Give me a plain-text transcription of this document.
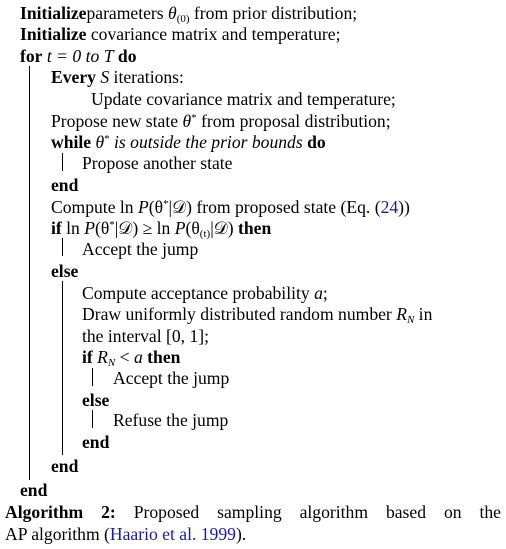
Initializeparameters $\theta_{(0)}$ from prior distribution;
Initialize covariance matrix and temperature;
for t = 0 to T do
Every S iterations:
Update covariance matrix and temperature;
Propose new state θ* from proposal distribution;
while θ* is outside the prior bounds do
Propose another state
end
Compute ln P(θ*|𝒟) from proposed state (Eq. (24))
if ln P(θ*|𝒟) ≥ $\ln P(\theta_{(t)}|𝒟)$ then
Accept the jump
else
Compute acceptance probability a;
Draw uniformly distributed random number $R_N$ in
the interval [0, 1];
if $R_N < a$ then
Accept the jump
else
Refuse the jump
end
end
end
Algorithm 2: Proposed sampling algorithm based on the
AP algorithm (Haario et al. 1999).
